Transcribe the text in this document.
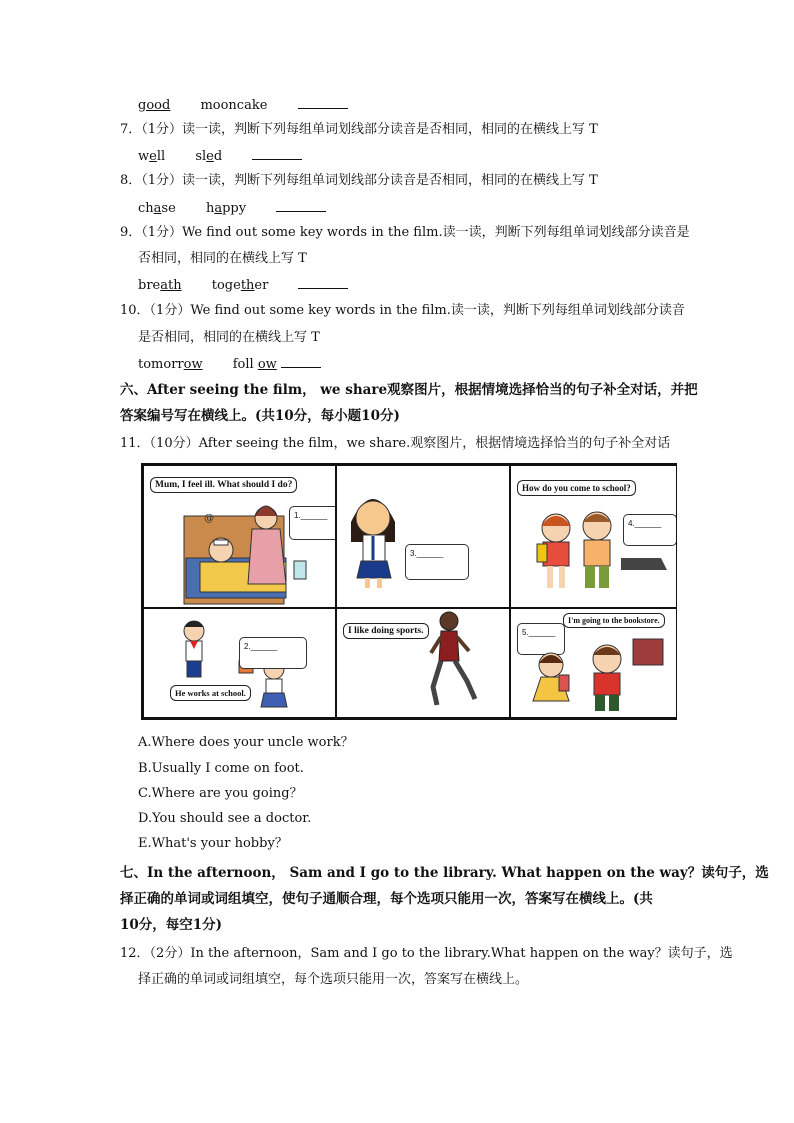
good mooncake
7．（1分）读一读，判断下列每组单词划线部分读音是否相同，相同的在横线上写 T
well sled
8．（1分）读一读，判断下列每组单词划线部分读音是否相同，相同的在横线上写 T
chase happy
9．（1分）We find out some key words in the film.读一读，判断下列每组单词划线部分读音是
否相同，相同的在横线上写 T
breath together
10．（1分）We find out some key words in the film.读一读，判断下列每组单词划线部分读音
是否相同，相同的在横线上写 T
tomorrow foll ow
六、After seeing the film， we share观察图片，根据情境选择恰当的句子补全对话，并把
答案编号写在横线上。(共10分，每小题10分)
11．（10分）After seeing the film，we share.观察图片，根据情境选择恰当的句子补全对话
Mum, I feel ill. What should I do?
@	1.______
2.______
He works at school.
3.______
I like doing sports.
How do you come to school?
4.______
I'm going to the bookstore.
5.______
A.Where does your uncle work？
B.Usually I come on foot.
C.Where are you going？
D.You should see a doctor.
E.What's your hobby？
七、In the afternoon， Sam and I go to the library. What happen on the way？读句子，选
择正确的单词或词组填空，使句子通顺合理，每个选项只能用一次，答案写在横线上。(共
10分，每空1分)
12．（2分）In the afternoon，Sam and I go to the library.What happen on the way？读句子，选
择正确的单词或词组填空，每个选项只能用一次，答案写在横线上。
